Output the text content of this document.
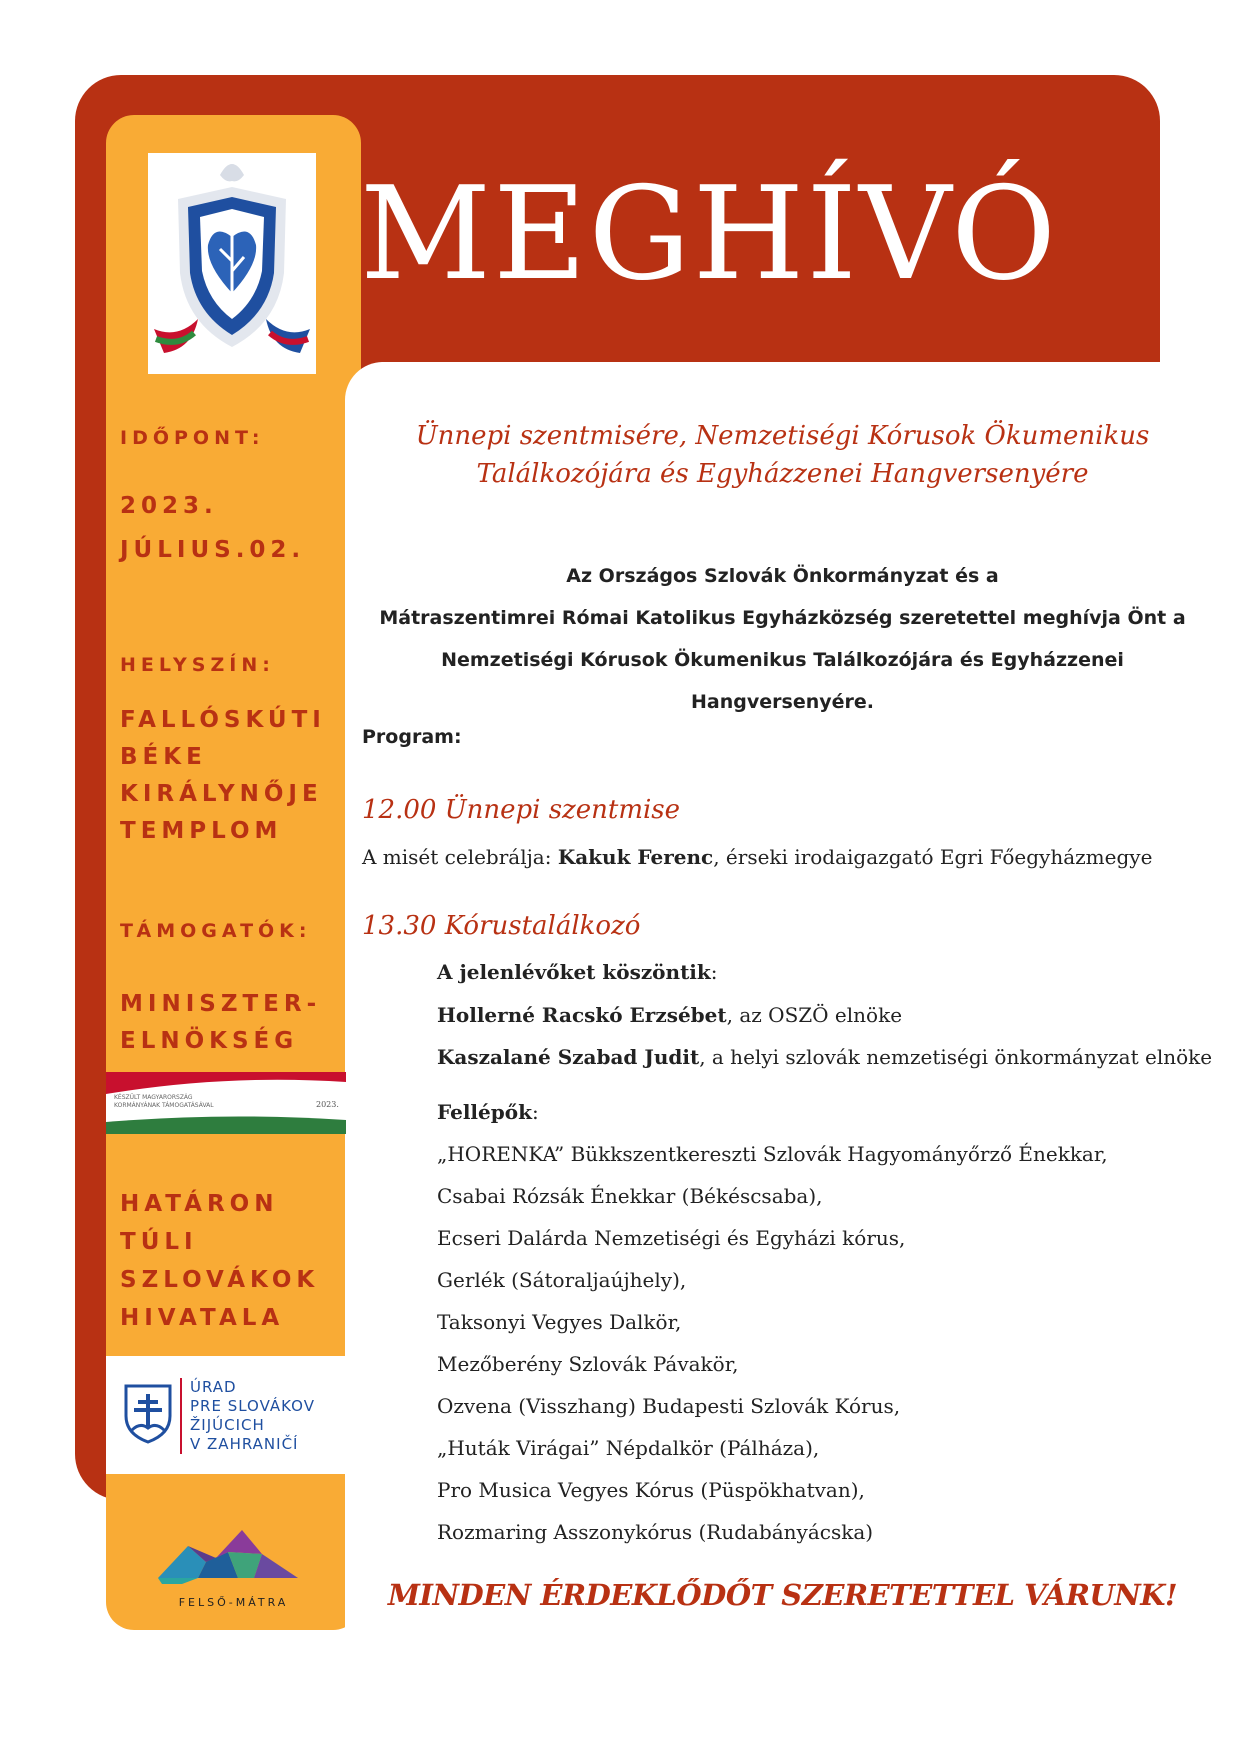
MEGHÍVÓ
IDŐPONT:
2023.
JÚLIUS.02.
HELYSZÍN:
FALLÓSKÚTI
BÉKE
KIRÁLYNŐJE
TEMPLOM
TÁMOGATÓK:
MINISZTER-
ELNÖKSÉG
KÉSZÜLT MAGYARORSZÁG
KORMÁNYÁNAK TÁMOGATÁSÁVAL	2023.
HATÁRON
TÚLI
SZLOVÁKOK
HIVATALA
ÚRAD
PRE SLOVÁKOV
ŽIJÚCICH
V ZAHRANIČÍ
FELSŐ-MÁTRA
Ünnepi szentmisére, Nemzetiségi Kórusok Ökumenikus
Találkozójára és Egyházzenei Hangversenyére
Az Országos Szlovák Önkormányzat és a
Mátraszentimrei Római Katolikus Egyházközség szeretettel meghívja Önt a
Nemzetiségi Kórusok Ökumenikus Találkozójára és Egyházzenei Hangversenyére.
Program:
12.00 Ünnepi szentmise
A misét celebrálja: Kakuk Ferenc, érseki irodaigazgató Egri Főegyházmegye
13.30 Kórustalálkozó
A jelenlévőket köszöntik:
Hollerné Racskó Erzsébet, az OSZÖ elnöke
Kaszalané Szabad Judit, a helyi szlovák nemzetiségi önkormányzat elnöke
Fellépők:
„HORENKA” Bükkszentkereszti Szlovák Hagyományőrző Énekkar,
Csabai Rózsák Énekkar (Békéscsaba),
Ecseri Dalárda Nemzetiségi és Egyházi kórus,
Gerlék (Sátoraljaújhely),
Taksonyi Vegyes Dalkör,
Mezőberény Szlovák Pávakör,
Ozvena (Visszhang) Budapesti Szlovák Kórus,
„Huták Virágai” Népdalkör (Pálháza),
Pro Musica Vegyes Kórus (Püspökhatvan),
Rozmaring Asszonykórus (Rudabányácska)
MINDEN ÉRDEKLŐDŐT SZERETETTEL VÁRUNK!
